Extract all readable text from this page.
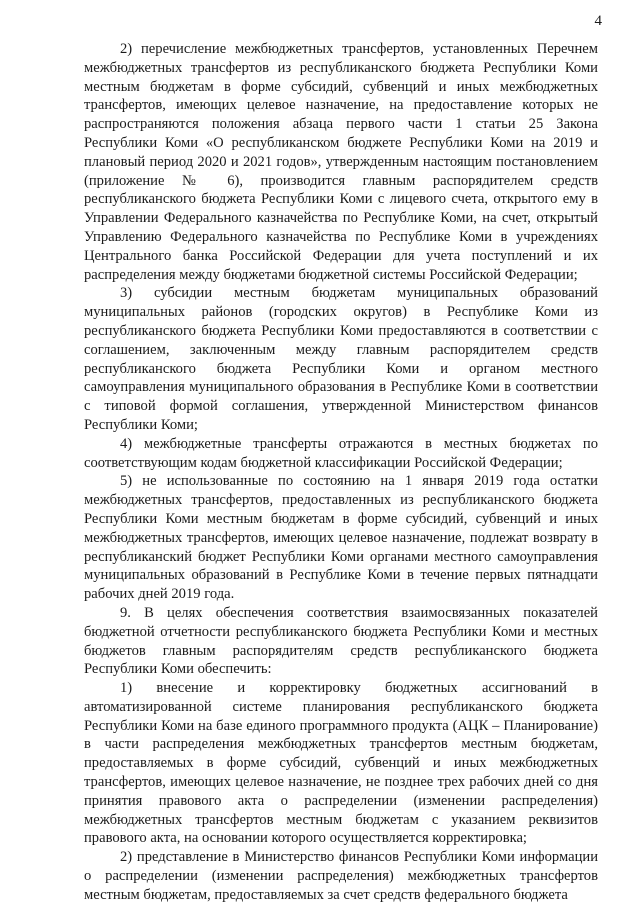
4

2) перечисление межбюджетных трансфертов, установленных Перечнем межбюджетных трансфертов из республиканского бюджета Республики Коми местным бюджетам в форме субсидий, субвенций и иных межбюджетных трансфертов, имеющих целевое назначение, на предоставление которых не распространяются положения абзаца первого части 1 статьи 25 Закона Республики Коми «О республиканском бюджете Республики Коми на 2019 и плановый период 2020 и 2021 годов», утвержденным настоящим постановлением (приложение № 6), производится главным распорядителем средств республиканского бюджета Республики Коми с лицевого счета, открытого ему в Управлении Федерального казначейства по Республике Коми, на счет, открытый Управлению Федерального казначейства по Республике Коми в учреждениях Центрального банка Российской Федерации для учета поступлений и их распределения между бюджетами бюджетной системы Российской Федерации;

3) субсидии местным бюджетам муниципальных образований муниципальных районов (городских округов) в Республике Коми из республиканского бюджета Республики Коми предоставляются в соответствии с соглашением, заключенным между главным распорядителем средств республиканского бюджета Республики Коми и органом местного самоуправления муниципального образования в Республике Коми в соответствии с типовой формой соглашения, утвержденной Министерством финансов Республики Коми;

4) межбюджетные трансферты отражаются в местных бюджетах по соответствующим кодам бюджетной классификации Российской Федерации;

5) не использованные по состоянию на 1 января 2019 года остатки межбюджетных трансфертов, предоставленных из республиканского бюджета Республики Коми местным бюджетам в форме субсидий, субвенций и иных межбюджетных трансфертов, имеющих целевое назначение, подлежат возврату в республиканский бюджет Республики Коми органами местного самоуправления муниципальных образований в Республике Коми в течение первых пятнадцати рабочих дней 2019 года.

9. В целях обеспечения соответствия взаимосвязанных показателей бюджетной отчетности республиканского бюджета Республики Коми и местных бюджетов главным распорядителям средств республиканского бюджета Республики Коми обеспечить:

1) внесение и корректировку бюджетных ассигнований в автоматизированной системе планирования республиканского бюджета Республики Коми на базе единого программного продукта (АЦК – Планирование) в части распределения межбюджетных трансфертов местным бюджетам, предоставляемых в форме субсидий, субвенций и иных межбюджетных трансфертов, имеющих целевое назначение, не позднее трех рабочих дней со дня принятия правового акта о распределении (изменении распределения) межбюджетных трансфертов местным бюджетам с указанием реквизитов правового акта, на основании которого осуществляется корректировка;

2) представление в Министерство финансов Республики Коми информации о распределении (изменении распределения) межбюджетных трансфертов местным бюджетам, предоставляемых за счет средств федерального бюджета
